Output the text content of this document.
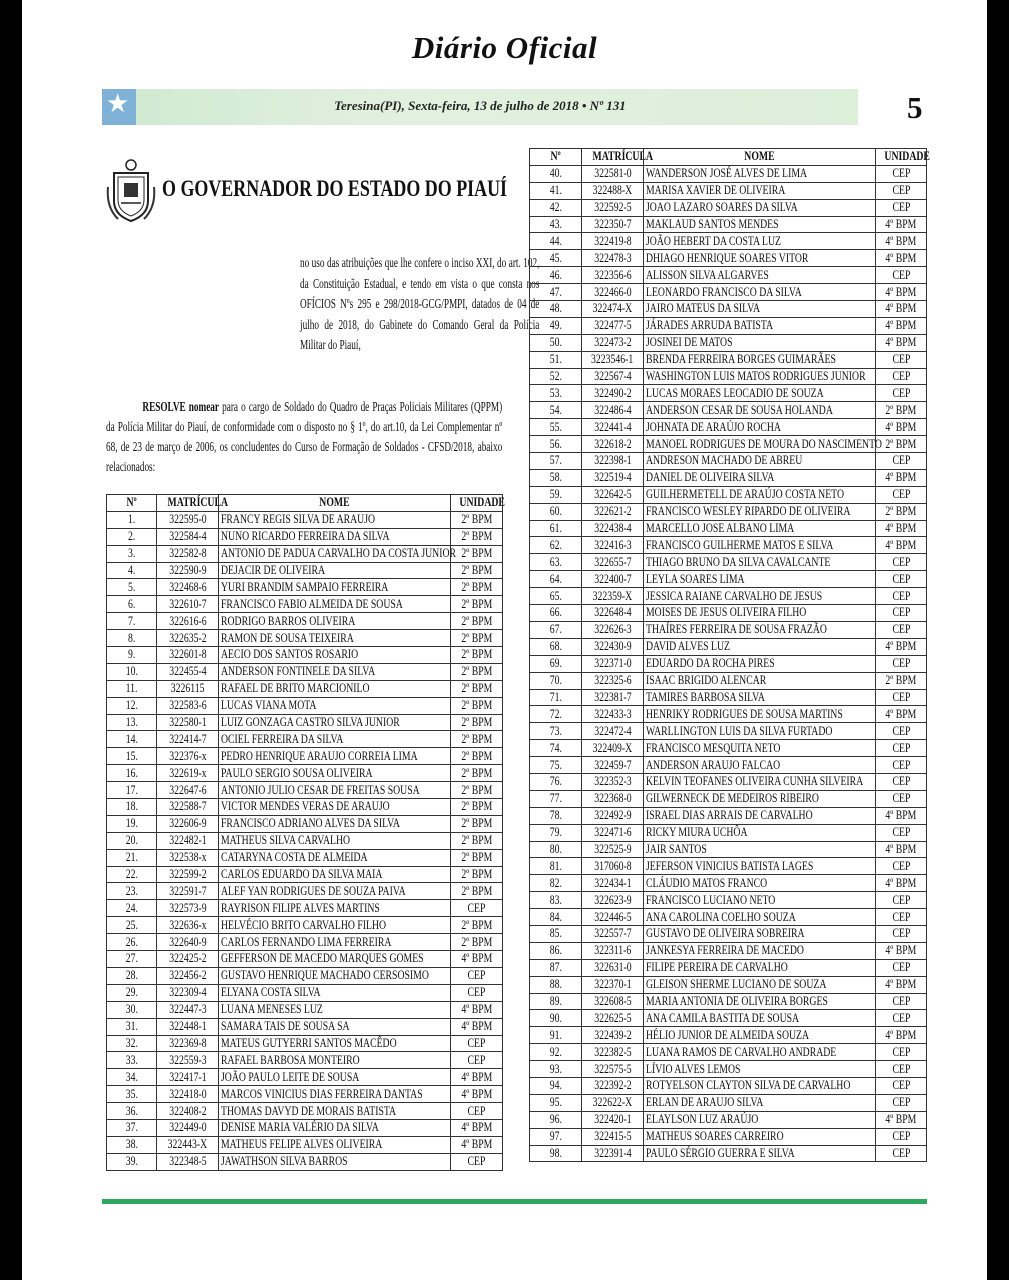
Diário Oficial
★	Teresina(PI), Sexta-feira, 13 de julho de 2018 • Nº 131	5
O GOVERNADOR DO ESTADO DO PIAUÍ
no uso das atribuições que lhe confere o inciso XXI, do art. 102, da Constituição Estadual, e tendo em vista o que consta nos OFÍCIOS Nºs 295 e 298/2018-GCG/PMPI, datados de 04 de julho de 2018, do Gabinete do Comando Geral da Polícia Militar do Piauí,
RESOLVE nomear para o cargo de Soldado do Quadro de Praças Policiais Militares (QPPM) da Polícia Militar do Piauí, de conformidade com o disposto no § 1º, do art.10, da Lei Complementar nº 68, de 23 de março de 2006, os concludentes do Curso de Formação de Soldados - CFSD/2018, abaixo relacionados:
Nº	MATRÍCULA	NOME	UNIDADE
1.	322595-0	FRANCY REGIS SILVA DE ARAUJO	2º BPM
2.	322584-4	NUNO RICARDO FERREIRA DA SILVA	2º BPM
3.	322582-8	ANTONIO DE PADUA CARVALHO DA COSTA JUNIOR	2º BPM
4.	322590-9	DEJACIR DE OLIVEIRA	2º BPM
5.	322468-6	YURI BRANDIM SAMPAIO FERREIRA	2º BPM
6.	322610-7	FRANCISCO FABIO ALMEIDA DE SOUSA	2º BPM
7.	322616-6	RODRIGO BARROS OLIVEIRA	2º BPM
8.	322635-2	RAMON DE SOUSA TEIXEIRA	2º BPM
9.	322601-8	AECIO DOS SANTOS ROSARIO	2º BPM
10.	322455-4	ANDERSON FONTINELE DA SILVA	2º BPM
11.	3226115	RAFAEL DE BRITO MARCIONILO	2º BPM
12.	322583-6	LUCAS VIANA MOTA	2º BPM
13.	322580-1	LUIZ GONZAGA CASTRO SILVA JUNIOR	2º BPM
14.	322414-7	OCIEL FERREIRA DA SILVA	2º BPM
15.	322376-x	PEDRO HENRIQUE ARAUJO CORREIA LIMA	2º BPM
16.	322619-x	PAULO SERGIO SOUSA OLIVEIRA	2º BPM
17.	322647-6	ANTONIO JULIO CESAR DE FREITAS SOUSA	2º BPM
18.	322588-7	VICTOR MENDES VERAS DE ARAUJO	2º BPM
19.	322606-9	FRANCISCO ADRIANO ALVES DA SILVA	2º BPM
20.	322482-1	MATHEUS SILVA CARVALHO	2º BPM
21.	322538-x	CATARYNA COSTA DE ALMEIDA	2º BPM
22.	322599-2	CARLOS EDUARDO DA SILVA MAIA	2º BPM
23.	322591-7	ALEF YAN RODRIGUES DE SOUZA PAIVA	2º BPM
24.	322573-9	RAYRISON FILIPE ALVES MARTINS	CEP
25.	322636-x	HELVÉCIO BRITO CARVALHO FILHO	2º BPM
26.	322640-9	CARLOS FERNANDO LIMA FERREIRA	2º BPM
27.	322425-2	GEFFERSON DE MACEDO MARQUES GOMES	4º BPM
28.	322456-2	GUSTAVO HENRIQUE MACHADO CERSOSIMO	CEP
29.	322309-4	ELYANA COSTA SILVA	CEP
30.	322447-3	LUANA MENESES LUZ	4º BPM
31.	322448-1	SAMARA TAIS DE SOUSA SA	4º BPM
32.	322369-8	MATEUS GUTYERRI SANTOS MACÊDO	CEP
33.	322559-3	RAFAEL BARBOSA MONTEIRO	CEP
34.	322417-1	JOÃO PAULO LEITE DE SOUSA	4º BPM
35.	322418-0	MARCOS VINICIUS DIAS FERREIRA DANTAS	4º BPM
36.	322408-2	THOMAS DAVYD DE MORAIS BATISTA	CEP
37.	322449-0	DENISE MARIA VALÉRIO DA SILVA	4º BPM
38.	322443-X	MATHEUS FELIPE ALVES OLIVEIRA	4º BPM
39.	322348-5	JAWATHSON SILVA BARROS	CEP
Nº	MATRÍCULA	NOME	UNIDADE
40.	322581-0	WANDERSON JOSÉ ALVES DE LIMA	CEP
41.	322488-X	MARISA XAVIER DE OLIVEIRA	CEP
42.	322592-5	JOAO LAZARO SOARES DA SILVA	CEP
43.	322350-7	MAKLAUD SANTOS MENDES	4º BPM
44.	322419-8	JOÃO HEBERT DA COSTA LUZ	4º BPM
45.	322478-3	DHIAGO HENRIQUE SOARES VITOR	4º BPM
46.	322356-6	ALISSON SILVA ALGARVES	CEP
47.	322466-0	LEONARDO FRANCISCO DA SILVA	4º BPM
48.	322474-X	JAIRO MATEUS DA SILVA	4º BPM
49.	322477-5	JÁRADES ARRUDA BATISTA	4º BPM
50.	322473-2	JOSINEI DE MATOS	4º BPM
51.	3223546-1	BRENDA FERREIRA BORGES GUIMARÃES	CEP
52.	322567-4	WASHINGTON LUIS MATOS RODRIGUES JUNIOR	CEP
53.	322490-2	LUCAS MORAES LEOCADIO DE SOUZA	CEP
54.	322486-4	ANDERSON CESAR DE SOUSA HOLANDA	2º BPM
55.	322441-4	JOHNATA DE ARAÚJO ROCHA	4º BPM
56.	322618-2	MANOEL RODRIGUES DE MOURA DO NASCIMENTO	2º BPM
57.	322398-1	ANDRESON MACHADO DE ABREU	CEP
58.	322519-4	DANIEL DE OLIVEIRA SILVA	4º BPM
59.	322642-5	GUILHERMETELL DE ARAÚJO COSTA NETO	CEP
60.	322621-2	FRANCISCO WESLEY RIPARDO DE OLIVEIRA	2º BPM
61.	322438-4	MARCELLO JOSE ALBANO LIMA	4º BPM
62.	322416-3	FRANCISCO GUILHERME MATOS E SILVA	4º BPM
63.	322655-7	THIAGO BRUNO DA SILVA CAVALCANTE	CEP
64.	322400-7	LEYLA SOARES LIMA	CEP
65.	322359-X	JESSICA RAIANE CARVALHO DE JESUS	CEP
66.	322648-4	MOISES DE JESUS OLIVEIRA FILHO	CEP
67.	322626-3	THAÍRES FERREIRA DE SOUSA FRAZÃO	CEP
68.	322430-9	DAVID ALVES LUZ	4º BPM
69.	322371-0	EDUARDO DA ROCHA PIRES	CEP
70.	322325-6	ISAAC BRIGIDO ALENCAR	2º BPM
71.	322381-7	TAMIRES BARBOSA SILVA	CEP
72.	322433-3	HENRIKY RODRIGUES DE SOUSA MARTINS	4º BPM
73.	322472-4	WARLLINGTON LUIS DA SILVA FURTADO	CEP
74.	322409-X	FRANCISCO MESQUITA NETO	CEP
75.	322459-7	ANDERSON ARAUJO FALCAO	CEP
76.	322352-3	KELVIN TEOFANES OLIVEIRA CUNHA SILVEIRA	CEP
77.	322368-0	GILWERNECK DE MEDEIROS RIBEIRO	CEP
78.	322492-9	ISRAEL DIAS ARRAIS DE CARVALHO	4º BPM
79.	322471-6	RICKY MIURA UCHÔA	CEP
80.	322525-9	JAIR SANTOS	4º BPM
81.	317060-8	JEFERSON VINICIUS BATISTA LAGES	CEP
82.	322434-1	CLÁUDIO MATOS FRANCO	4º BPM
83.	322623-9	FRANCISCO LUCIANO NETO	CEP
84.	322446-5	ANA CAROLINA COELHO SOUZA	CEP
85.	322557-7	GUSTAVO DE OLIVEIRA SOBREIRA	CEP
86.	322311-6	JANKESYA FERREIRA DE MACEDO	4º BPM
87.	322631-0	FILIPE PEREIRA DE CARVALHO	CEP
88.	322370-1	GLEISON SHERME LUCIANO DE SOUZA	4º BPM
89.	322608-5	MARIA ANTONIA DE OLIVEIRA BORGES	CEP
90.	322625-5	ANA CAMILA BASTITA DE SOUSA	CEP
91.	322439-2	HÉLIO JUNIOR DE ALMEIDA SOUZA	4º BPM
92.	322382-5	LUANA RAMOS DE CARVALHO ANDRADE	CEP
93.	322575-5	LÍVIO ALVES LEMOS	CEP
94.	322392-2	ROTYELSON CLAYTON SILVA DE CARVALHO	CEP
95.	322622-X	ERLAN DE ARAUJO SILVA	CEP
96.	322420-1	ELAYLSON LUZ ARAÚJO	4º BPM
97.	322415-5	MATHEUS SOARES CARREIRO	CEP
98.	322391-4	PAULO SÉRGIO GUERRA E SILVA	CEP
